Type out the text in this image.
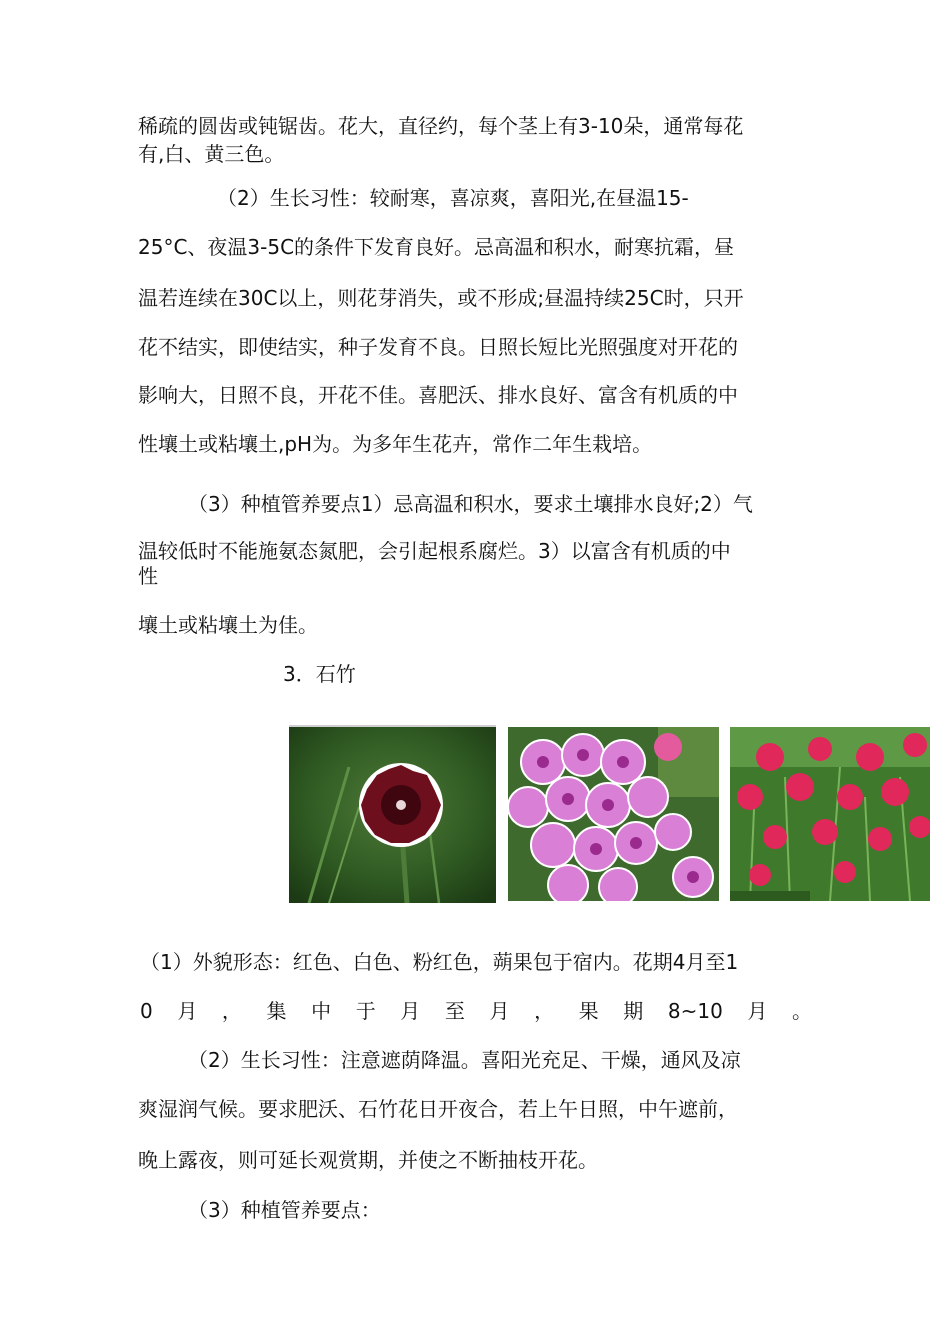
稀疏的圆齿或钝锯齿。花大，直径约，每个茎上有3-10朵，通常每花

有,白、黄三色。

（2）生长习性：较耐寒，喜凉爽，喜阳光,在昼温15-

25°C、夜温3-5C的条件下发育良好。忌高温和积水，耐寒抗霜，昼

温若连续在30C以上，则花芽消失，或不形成;昼温持续25C时，只开

花不结实，即使结实，种子发育不良。日照长短比光照强度对开花的

影响大，日照不良，开花不佳。喜肥沃、排水良好、富含有机质的中

性壤土或粘壤土,pH为。为多年生花卉，常作二年生栽培。

（3）种植管养要点1）忌高温和积水，要求土壤排水良好;2）气

温较低时不能施氨态氮肥，会引起根系腐烂。3）以富含有机质的中

性

壤土或粘壤土为佳。

3．石竹

（1）外貌形态：红色、白色、粉红色，蒴果包于宿内。花期4月至1

0 月 ， 集 中 于 月 至 月 ， 果 期 8~10 月 。

（2）生长习性：注意遮荫降温。喜阳光充足、干燥，通风及凉

爽湿润气候。要求肥沃、石竹花日开夜合，若上午日照，中午遮前，

晚上露夜，则可延长观赏期，并使之不断抽枝开花。

（3）种植管养要点：
